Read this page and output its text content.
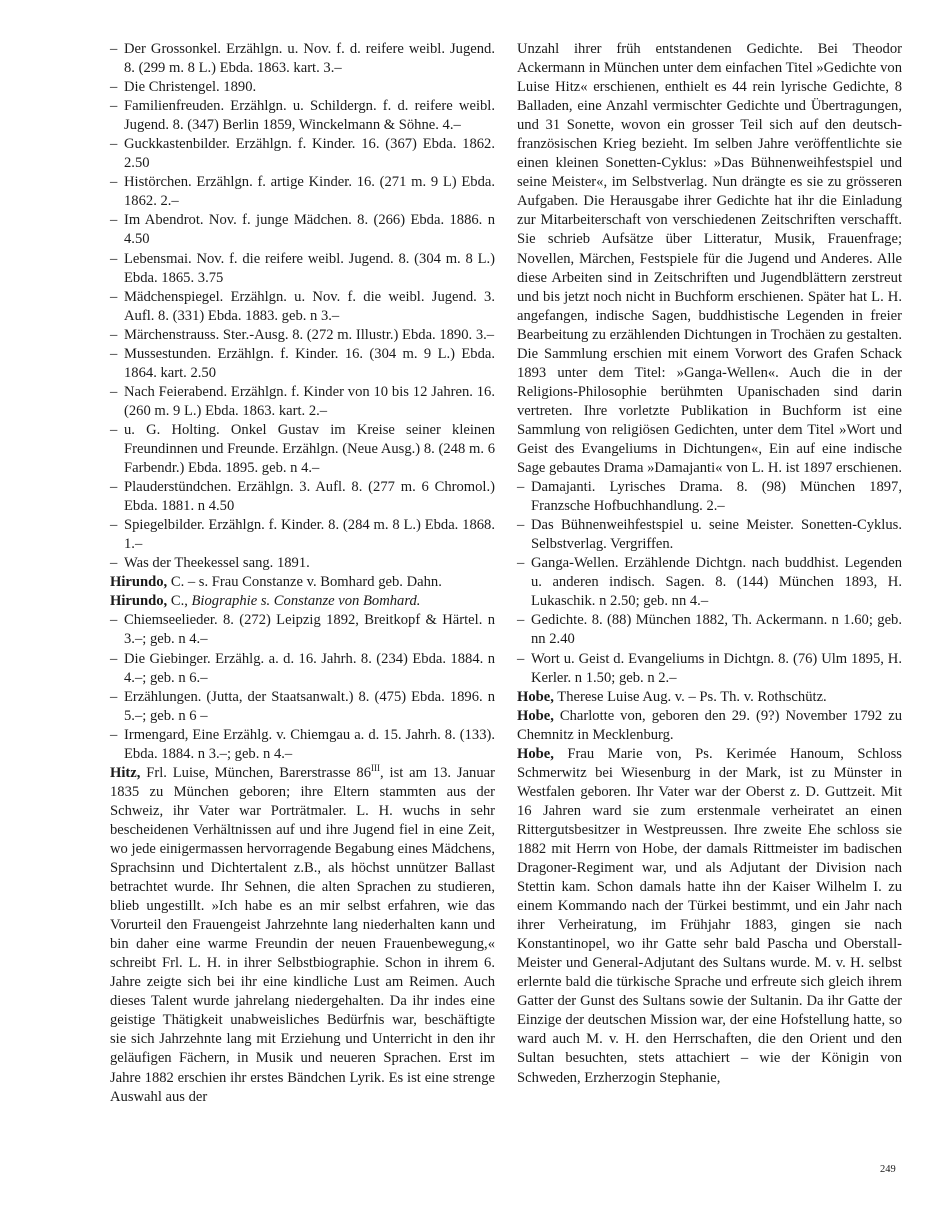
– Der Grossonkel. Erzählgn. u. Nov. f. d. reifere weibl. Jugend. 8. (299 m. 8 L.) Ebda. 1863. kart. 3.–

– Die Christengel. 1890.

– Familienfreuden. Erzählgn. u. Schildergn. f. d. reifere weibl. Jugend. 8. (347) Berlin 1859, Winckelmann & Söhne. 4.–

– Guckkastenbilder. Erzählgn. f. Kinder. 16. (367) Ebda. 1862. 2.50

– Histörchen. Erzählgn. f. artige Kinder. 16. (271 m. 9 L) Ebda. 1862. 2.–

– Im Abendrot. Nov. f. junge Mädchen. 8. (266) Ebda. 1886. n 4.50

– Lebensmai. Nov. f. die reifere weibl. Jugend. 8. (304 m. 8 L.) Ebda. 1865. 3.75

– Mädchenspiegel. Erzählgn. u. Nov. f. die weibl. Jugend. 3. Aufl. 8. (331) Ebda. 1883. geb. n 3.–

– Märchenstrauss. Ster.-Ausg. 8. (272 m. Illustr.) Ebda. 1890. 3.–

– Mussestunden. Erzählgn. f. Kinder. 16. (304 m. 9 L.) Ebda. 1864. kart. 2.50

– Nach Feierabend. Erzählgn. f. Kinder von 10 bis 12 Jahren. 16. (260 m. 9 L.) Ebda. 1863. kart. 2.–

– u. G. Holting. Onkel Gustav im Kreise seiner kleinen Freundinnen und Freunde. Erzählgn. (Neue Ausg.) 8. (248 m. 6 Farbendr.) Ebda. 1895. geb. n 4.–

– Plauderstündchen. Erzählgn. 3. Aufl. 8. (277 m. 6 Chromol.) Ebda. 1881. n 4.50

– Spiegelbilder. Erzählgn. f. Kinder. 8. (284 m. 8 L.) Ebda. 1868. 1.–

– Was der Theekessel sang. 1891.

Hirundo, C. – s. Frau Constanze v. Bomhard geb. Dahn.

Hirundo, C., Biographie s. Constanze von Bomhard.

– Chiemseelieder. 8. (272) Leipzig 1892, Breitkopf & Härtel. n 3.–; geb. n 4.–

– Die Giebinger. Erzählg. a. d. 16. Jahrh. 8. (234) Ebda. 1884. n 4.–; geb. n 6.–

– Erzählungen. (Jutta, der Staatsanwalt.) 8. (475) Ebda. 1896. n 5.–; geb. n 6 –

– Irmengard, Eine Erzählg. v. Chiemgau a. d. 15. Jahrh. 8. (133). Ebda. 1884. n 3.–; geb. n 4.–

Hitz, Frl. Luise, München, Barerstrasse $86^{III}$, ist am 13. Januar 1835 zu München geboren; ihre Eltern stammten aus der Schweiz, ihr Vater war Porträtmaler. L. H. wuchs in sehr bescheidenen Verhältnissen auf und ihre Jugend fiel in eine Zeit, wo jede einigermassen hervorragende Begabung eines Mädchens, Sprachsinn und Dichtertalent z.B., als höchst unnützer Ballast betrachtet wurde. Ihr Sehnen, die alten Sprachen zu studieren, blieb ungestillt. »Ich habe es an mir selbst erfahren, wie das Vorurteil den Frauengeist Jahrzehnte lang niederhalten kann und bin daher eine warme Freundin der neuen Frauenbewegung,« schreibt Frl. L. H. in ihrer Selbstbiographie. Schon in ihrem 6. Jahre zeigte sich bei ihr eine kindliche Lust am Reimen. Auch dieses Talent wurde jahrelang niedergehalten. Da ihr indes eine geistige Thätigkeit unabweisliches Bedürfnis war, beschäftigte sie sich Jahrzehnte lang mit Erziehung und Unterricht in den ihr geläufigen Fächern, in Musik und neueren Sprachen. Erst im Jahre 1882 erschien ihr erstes Bändchen Lyrik. Es ist eine strenge Auswahl aus der

Unzahl ihrer früh entstandenen Gedichte. Bei Theodor Ackermann in München unter dem einfachen Titel »Gedichte von Luise Hitz« erschienen, enthielt es 44 rein lyrische Gedichte, 8 Balladen, eine Anzahl vermischter Gedichte und Übertragungen, und 31 Sonette, wovon ein grosser Teil sich auf den deutsch-französischen Krieg bezieht. Im selben Jahre veröffentlichte sie einen kleinen Sonetten-Cyklus: »Das Bühnenweihfestspiel und seine Meister«, im Selbstverlag. Nun drängte es sie zu grösseren Aufgaben. Die Herausgabe ihrer Gedichte hat ihr die Einladung zur Mitarbeiterschaft von verschiedenen Zeitschriften verschafft. Sie schrieb Aufsätze über Litteratur, Musik, Frauenfrage; Novellen, Märchen, Festspiele für die Jugend und Anderes. Alle diese Arbeiten sind in Zeitschriften und Jugendblättern zerstreut und bis jetzt noch nicht in Buchform erschienen. Später hat L. H. angefangen, indische Sagen, buddhistische Legenden in freier Bearbeitung zu erzählenden Dichtungen in Trochäen zu gestalten. Die Sammlung erschien mit einem Vorwort des Grafen Schack 1893 unter dem Titel: »Ganga-Wellen«. Auch die in der Religions-Philosophie berühmten Upanischaden sind darin vertreten. Ihre vorletzte Publikation in Buchform ist eine Sammlung von religiösen Gedichten, unter dem Titel »Wort und Geist des Evangeliums in Dichtungen«, Ein auf eine indische Sage gebautes Drama »Damajanti« von L. H. ist 1897 erschienen.

– Damajanti. Lyrisches Drama. 8. (98) München 1897, Franzsche Hofbuchhandlung. 2.–

– Das Bühnenweihfestspiel u. seine Meister. Sonetten-Cyklus. Selbstverlag. Vergriffen.

– Ganga-Wellen. Erzählende Dichtgn. nach buddhist. Legenden u. anderen indisch. Sagen. 8. (144) München 1893, H. Lukaschik. n 2.50; geb. nn 4.–

– Gedichte. 8. (88) München 1882, Th. Ackermann. n 1.60; geb. nn 2.40

– Wort u. Geist d. Evangeliums in Dichtgn. 8. (76) Ulm 1895, H. Kerler. n 1.50; geb. n 2.–

Hobe, Therese Luise Aug. v. – Ps. Th. v. Rothschütz.

Hobe, Charlotte von, geboren den 29. (9?) November 1792 zu Chemnitz in Mecklenburg.

Hobe, Frau Marie von, Ps. Kerimée Hanoum, Schloss Schmerwitz bei Wiesenburg in der Mark, ist zu Münster in Westfalen geboren. Ihr Vater war der Oberst z. D. Guttzeit. Mit 16 Jahren ward sie zum erstenmale verheiratet an einen Rittergutsbesitzer in Westpreussen. Ihre zweite Ehe schloss sie 1882 mit Herrn von Hobe, der damals Rittmeister im badischen Dragoner-Regiment war, und als Adjutant der Division nach Stettin kam. Schon damals hatte ihn der Kaiser Wilhelm I. zu einem Kommando nach der Türkei bestimmt, und ein Jahr nach ihrer Verheiratung, im Frühjahr 1883, gingen sie nach Konstantinopel, wo ihr Gatte sehr bald Pascha und Oberstall-Meister und General-Adjutant des Sultans wurde. M. v. H. selbst erlernte bald die türkische Sprache und erfreute sich gleich ihrem Gatter der Gunst des Sultans sowie der Sultanin. Da ihr Gatte der Einzige der deutschen Mission war, der eine Hofstellung hatte, so ward auch M. v. H. den Herrschaften, die den Orient und den Sultan besuchten, stets attachiert – wie der Königin von Schweden, Erzherzogin Stephanie,

249
